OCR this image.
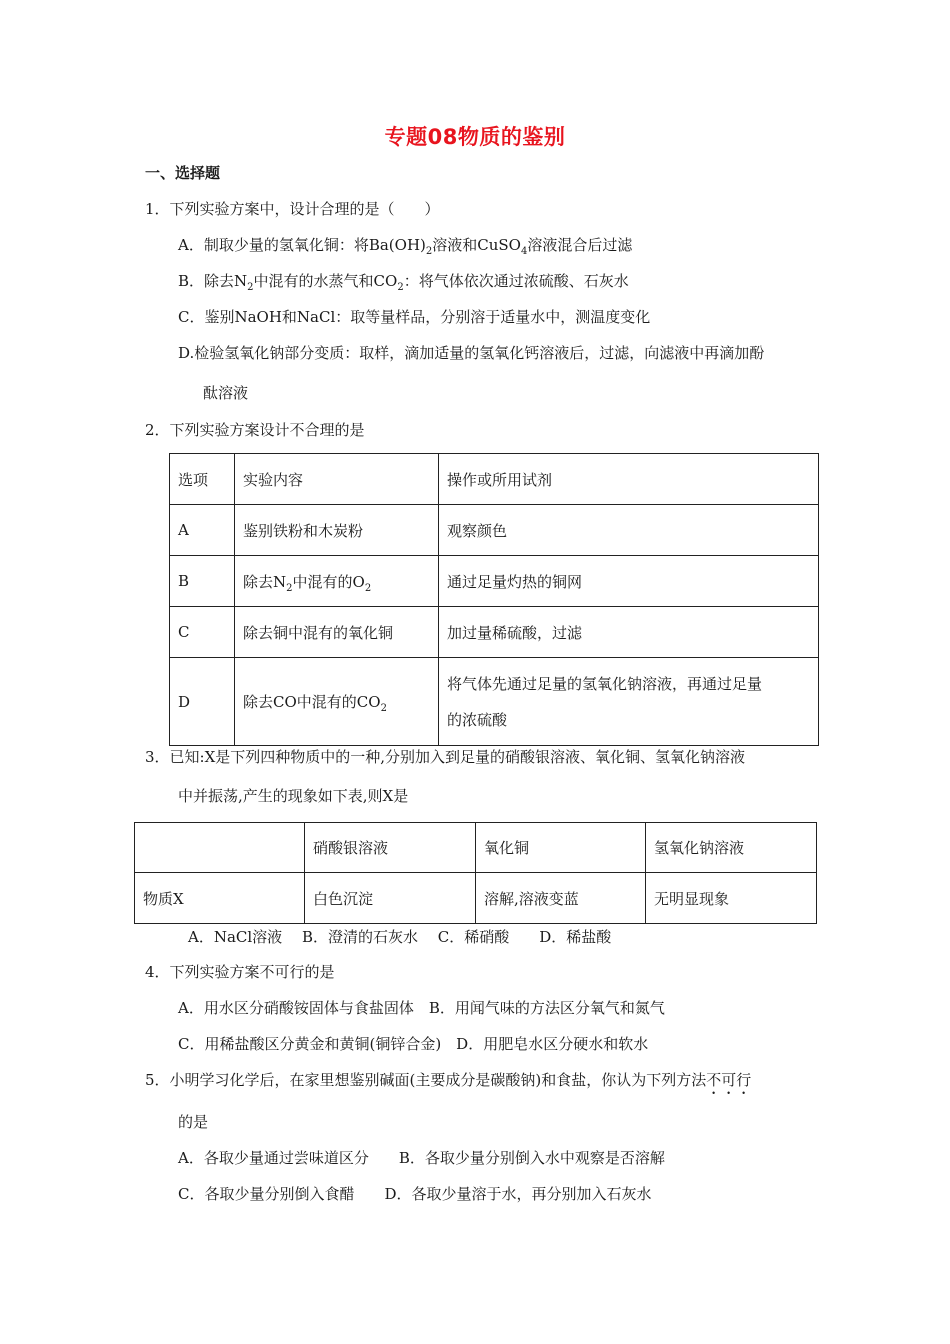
专题08物质的鉴别
一、选择题
1．下列实验方案中，设计合理的是（　　）
A．制取少量的氢氧化铜：将$Ba(OH)_2$溶液和CuSO$_4$溶液混合后过滤
B．除去$N_2$中混有的水蒸气和$CO_2$：将气体依次通过浓硫酸、石灰水
C．鉴别NaOH和NaCl：取等量样品，分别溶于适量水中，测温度变化
D.检验氢氧化钠部分变质：取样，滴加适量的氢氧化钙溶液后，过滤，向滤液中再滴加酚
酞溶液
2．下列实验方案设计不合理的是
选项	实验内容	操作或所用试剂
A	鉴别铁粉和木炭粉	观察颜色
B	除去$N_2$中混有的$O_2$	通过足量灼热的铜网
C	除去铜中混有的氧化铜	加过量稀硫酸，过滤
D	除去CO中混有的$CO_2$	将气体先通过足量的氢氧化钠溶液，再通过足量
的浓硫酸
3．已知:X是下列四种物质中的一种,分别加入到足量的硝酸银溶液、氧化铜、氢氧化钠溶液
中并振荡,产生的现象如下表,则X是
	硝酸银溶液	氧化铜	氢氧化钠溶液
物质X	白色沉淀	溶解,溶液变蓝	无明显现象
A．NaCl溶液　 B．澄清的石灰水　 C．稀硝酸　　D．稀盐酸
4．下列实验方案不可行的是
A．用水区分硝酸铵固体与食盐固体　B．用闻气味的方法区分氧气和氮气
C．用稀盐酸区分黄金和黄铜(铜锌合金)　D．用肥皂水区分硬水和软水
5．小明学习化学后，在家里想鉴别碱面(主要成分是碳酸钠)和食盐，你认为下列方法不可行
的是
A．各取少量通过尝味道区分　　B．各取少量分别倒入水中观察是否溶解
C．各取少量分别倒入食醋　　D．各取少量溶于水，再分别加入石灰水
